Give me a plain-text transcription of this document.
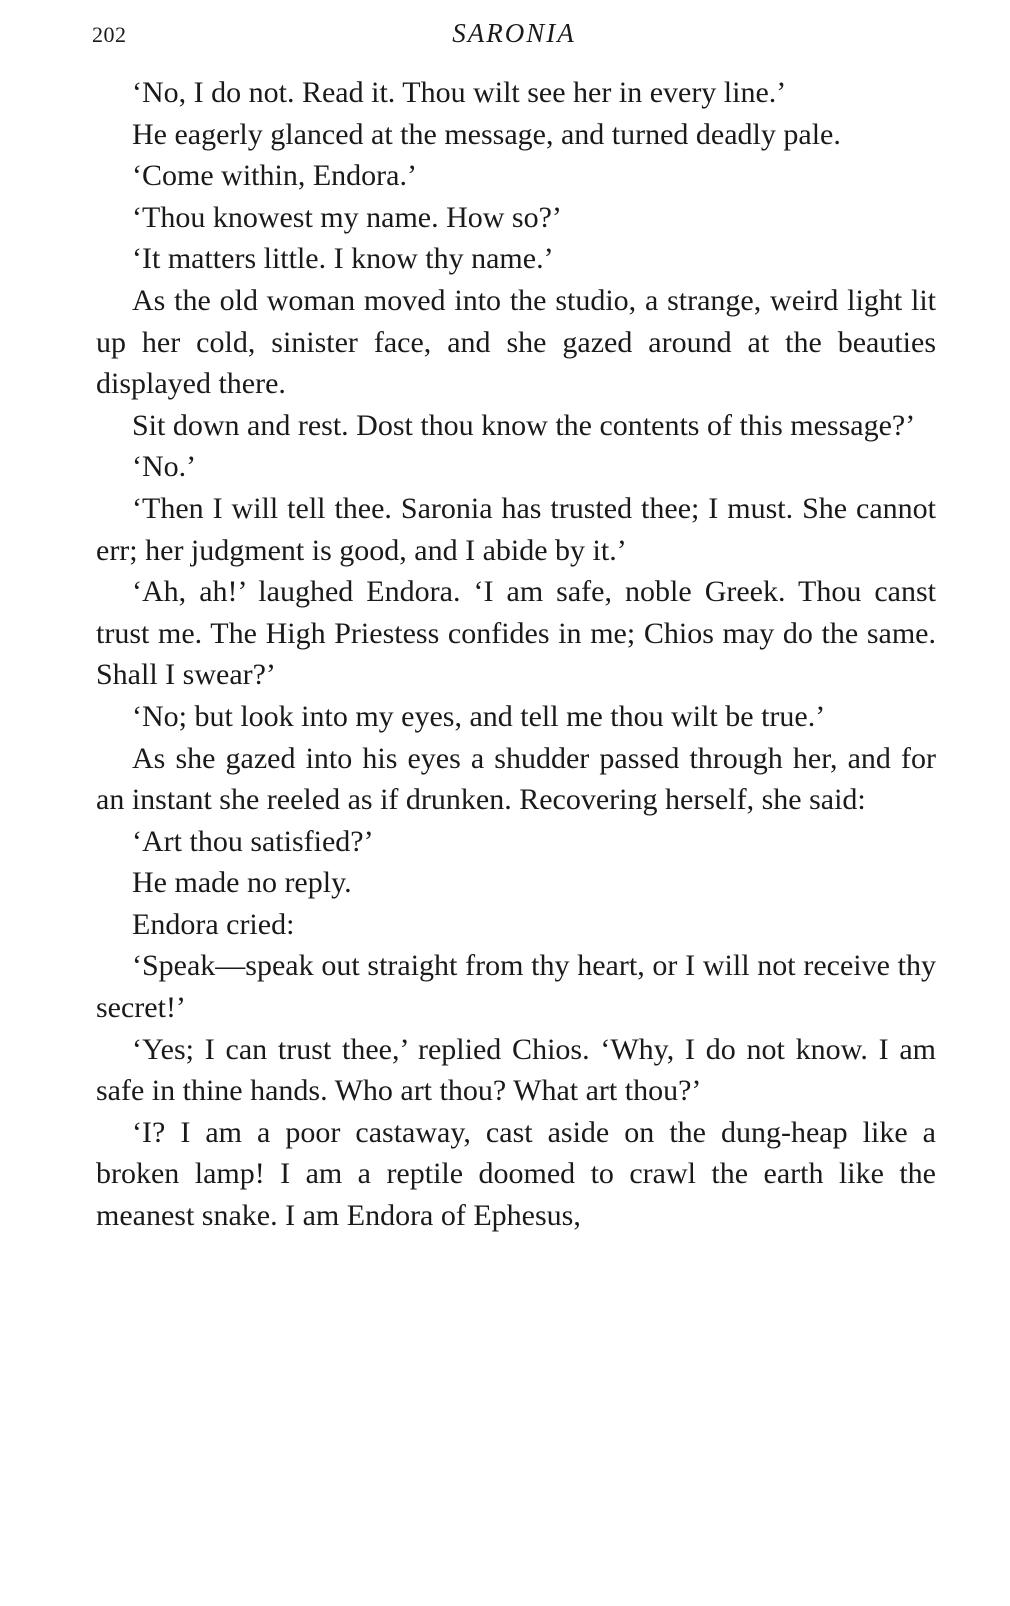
202	SARONIA

‘No, I do not. Read it. Thou wilt see her in every line.’

He eagerly glanced at the message, and turned deadly pale.

‘Come within, Endora.’

‘Thou knowest my name. How so?’

‘It matters little. I know thy name.’

As the old woman moved into the studio, a strange, weird light lit up her cold, sinister face, and she gazed around at the beauties displayed there.

Sit down and rest. Dost thou know the contents of this message?’

‘No.’

‘Then I will tell thee. Saronia has trusted thee; I must. She cannot err; her judgment is good, and I abide by it.’

‘Ah, ah!’ laughed Endora. ‘I am safe, noble Greek. Thou canst trust me. The High Priestess confides in me; Chios may do the same. Shall I swear?’

‘No; but look into my eyes, and tell me thou wilt be true.’

As she gazed into his eyes a shudder passed through her, and for an instant she reeled as if drunken. Recovering herself, she said:

‘Art thou satisfied?’

He made no reply.

Endora cried:

‘Speak—speak out straight from thy heart, or I will not receive thy secret!’

‘Yes; I can trust thee,’ replied Chios. ‘Why, I do not know. I am safe in thine hands. Who art thou? What art thou?’

‘I? I am a poor castaway, cast aside on the dung-heap like a broken lamp! I am a reptile doomed to crawl the earth like the meanest snake. I am Endora of Ephesus,
